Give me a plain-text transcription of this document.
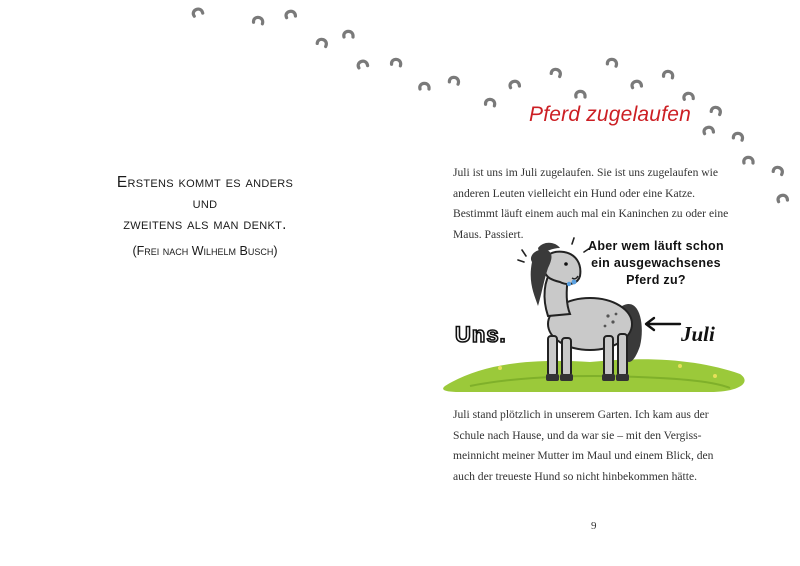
Erstens kommt es anders
und
zweitens als man denkt.
(Frei nach Wilhelm Busch)
Pferd zugelaufen
Juli ist uns im Juli zugelaufen. Sie ist uns zugelaufen wie
anderen Leuten vielleicht ein Hund oder eine Katze.
Bestimmt läuft einem auch mal ein Kaninchen zu oder eine
Maus. Passiert.
Aber wem läuft schon
ein ausgewachsenes
Pferd zu?
Uns.	Juli
Juli stand plötzlich in unserem Garten. Ich kam aus der
Schule nach Hause, und da war sie – mit den Vergiss-
meinnicht meiner Mutter im Maul und einem Blick, den
auch der treueste Hund so nicht hinbekommen hätte.
9
